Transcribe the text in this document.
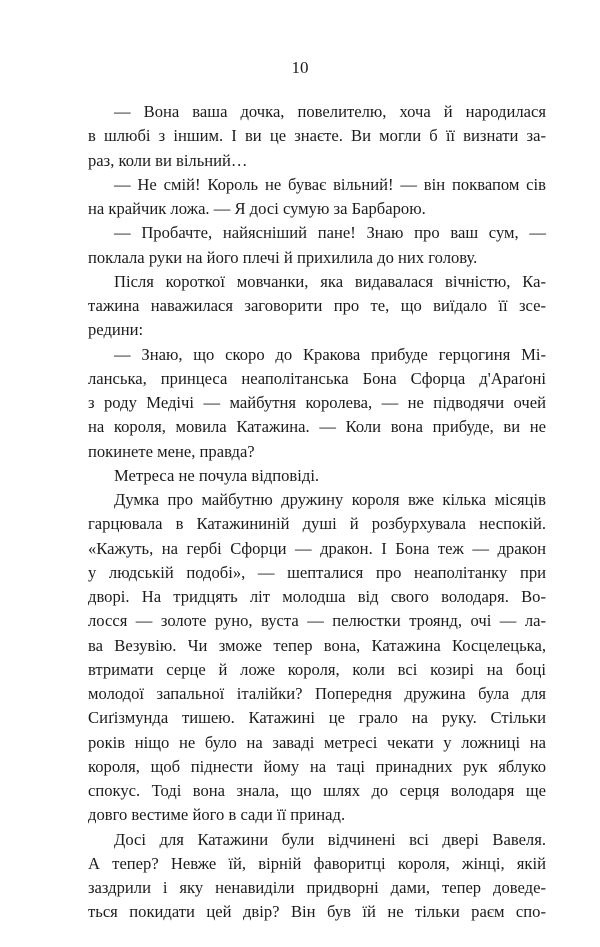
10

— Вона ваша дочка, повелителю, хоча й народилася
в шлюбі з іншим. І ви це знаєте. Ви могли б її визнати за-
раз, коли ви вільний…

— Не смій! Король не буває вільний! — він поквапом сів
на крайчик ложа. — Я досі сумую за Барбарою.

— Пробачте, найясніший пане! Знаю про ваш сум, —
поклала руки на його плечі й прихилила до них голову.

Після короткої мовчанки, яка видавалася вічністю, Ка-
тажина наважилася заговорити про те, що виїдало її зсе-
редини:

— Знаю, що скоро до Кракова прибуде герцогиня Мі-
ланська, принцеса неаполітанська Бона Сфорца д'Араґоні
з роду Медічі — майбутня королева, — не підводячи очей
на короля, мовила Катажина. — Коли вона прибуде, ви не
покинете мене, правда?

Метреса не почула відповіді.

Думка про майбутню дружину короля вже кілька місяців
гарцювала в Катажининій душі й розбурхувала неспокій.
«Кажуть, на гербі Сфорци — дракон. І Бона теж — дракон
у людській подобі», — шепталися про неаполітанку при
дворі. На тридцять літ молодша від свого володаря. Во-
лосся — золоте руно, вуста — пелюстки троянд, очі — ла-
ва Везувію. Чи зможе тепер вона, Катажина Косцелецька,
втримати серце й ложе короля, коли всі козирі на боці
молодої запальної італійки? Попередня дружина була для
Сиґізмунда тишею. Катажині це грало на руку. Стільки
років ніщо не було на заваді метресі чекати у ложниці на
короля, щоб піднести йому на таці принадних рук яблуко
спокус. Тоді вона знала, що шлях до серця володаря ще
довго вестиме його в сади її принад.

Досі для Катажини були відчинені всі двері Вавеля.
А тепер? Невже їй, вірній фаворитці короля, жінці, якій
заздрили і яку ненавиділи придворні дами, тепер доведе-
ться покидати цей двір? Він був їй не тільки раєм спо-
